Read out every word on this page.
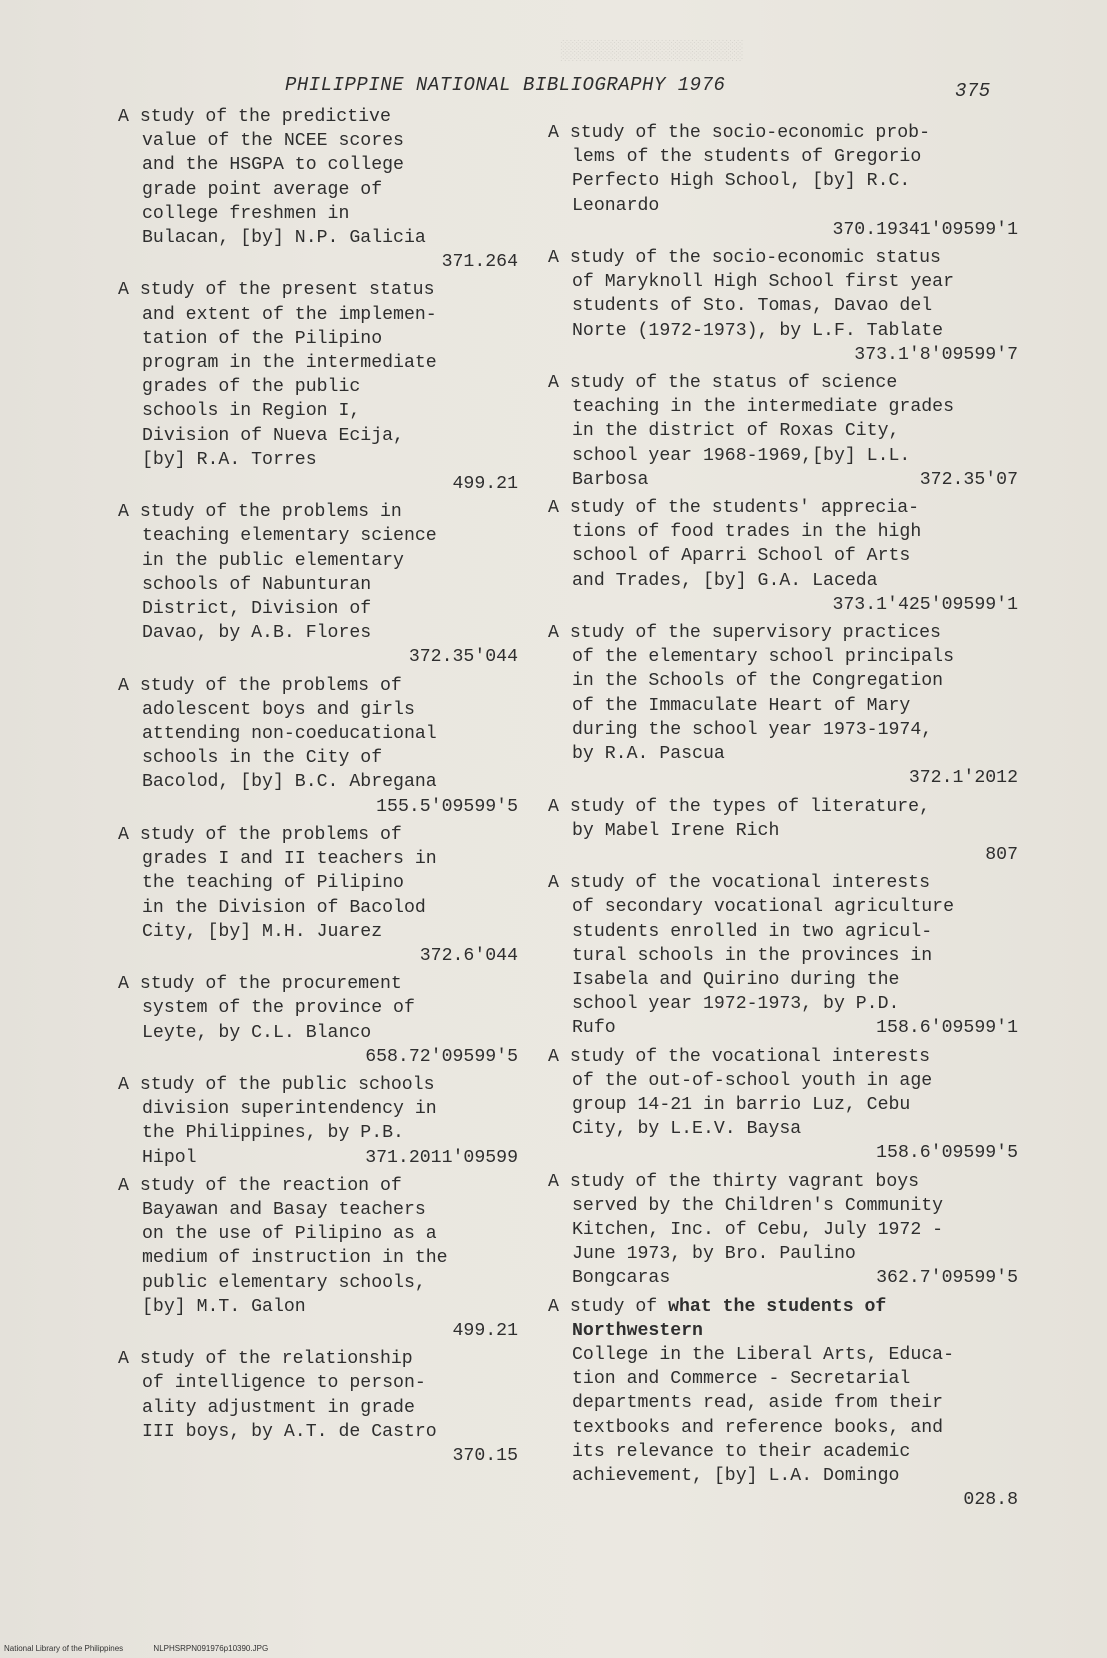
░░░░░░░░░░░░░░░░
PHILIPPINE NATIONAL BIBLIOGRAPHY 1976	375
A study of the predictive
value of the NCEE scores
and the HSGPA to college
grade point average of
college freshmen in
Bulacan, [by] N.P. Galicia
371.264
A study of the present status
and extent of the implemen-
tation of the Pilipino
program in the intermediate
grades of the public
schools in Region I,
Division of Nueva Ecija,
[by] R.A. Torres
499.21
A study of the problems in
teaching elementary science
in the public elementary
schools of Nabunturan
District, Division of
Davao, by A.B. Flores
372.35'044
A study of the problems of
adolescent boys and girls
attending non-coeducational
schools in the City of
Bacolod, [by] B.C. Abregana
155.5'09599'5
A study of the problems of
grades I and II teachers in
the teaching of Pilipino
in the Division of Bacolod
City, [by] M.H. Juarez
372.6'044
A study of the procurement
system of the province of
Leyte, by C.L. Blanco
658.72'09599'5
A study of the public schools
division superintendency in
the Philippines, by P.B.
Hipol	371.2011'09599
A study of the reaction of
Bayawan and Basay teachers
on the use of Pilipino as a
medium of instruction in the
public elementary schools,
[by] M.T. Galon
499.21
A study of the relationship
of intelligence to person-
ality adjustment in grade
III boys, by A.T. de Castro
370.15
A study of the socio-economic prob-
lems of the students of Gregorio
Perfecto High School, [by] R.C.
Leonardo
370.19341'09599'1
A study of the socio-economic status
of Maryknoll High School first year
students of Sto. Tomas, Davao del
Norte (1972-1973), by L.F. Tablate
373.1'8'09599'7
A study of the status of science
teaching in the intermediate grades
in the district of Roxas City,
school year 1968-1969,[by] L.L.
Barbosa	372.35'07
A study of the students' apprecia-
tions of food trades in the high
school of Aparri School of Arts
and Trades, [by] G.A. Laceda
373.1'425'09599'1
A study of the supervisory practices
of the elementary school principals
in the Schools of the Congregation
of the Immaculate Heart of Mary
during the school year 1973-1974,
by R.A. Pascua
372.1'2012
A study of the types of literature,
by Mabel Irene Rich
807
A study of the vocational interests
of secondary vocational agriculture
students enrolled in two agricul-
tural schools in the provinces in
Isabela and Quirino during the
school year 1972-1973, by P.D.
Rufo	158.6'09599'1
A study of the vocational interests
of the out-of-school youth in age
group 14-21 in barrio Luz, Cebu
City, by L.E.V. Baysa
158.6'09599'5
A study of the thirty vagrant boys
served by the Children's Community
Kitchen, Inc. of Cebu, July 1972 -
June 1973, by Bro. Paulino
Bongcaras	362.7'09599'5
A study of what the students of Northwestern
College in the Liberal Arts, Educa-
tion and Commerce - Secretarial
departments read, aside from their
textbooks and reference books, and
its relevance to their academic
achievement, [by] L.A. Domingo
028.8
National Library of the Philippines	NLPHSRPN091976p10390.JPG
